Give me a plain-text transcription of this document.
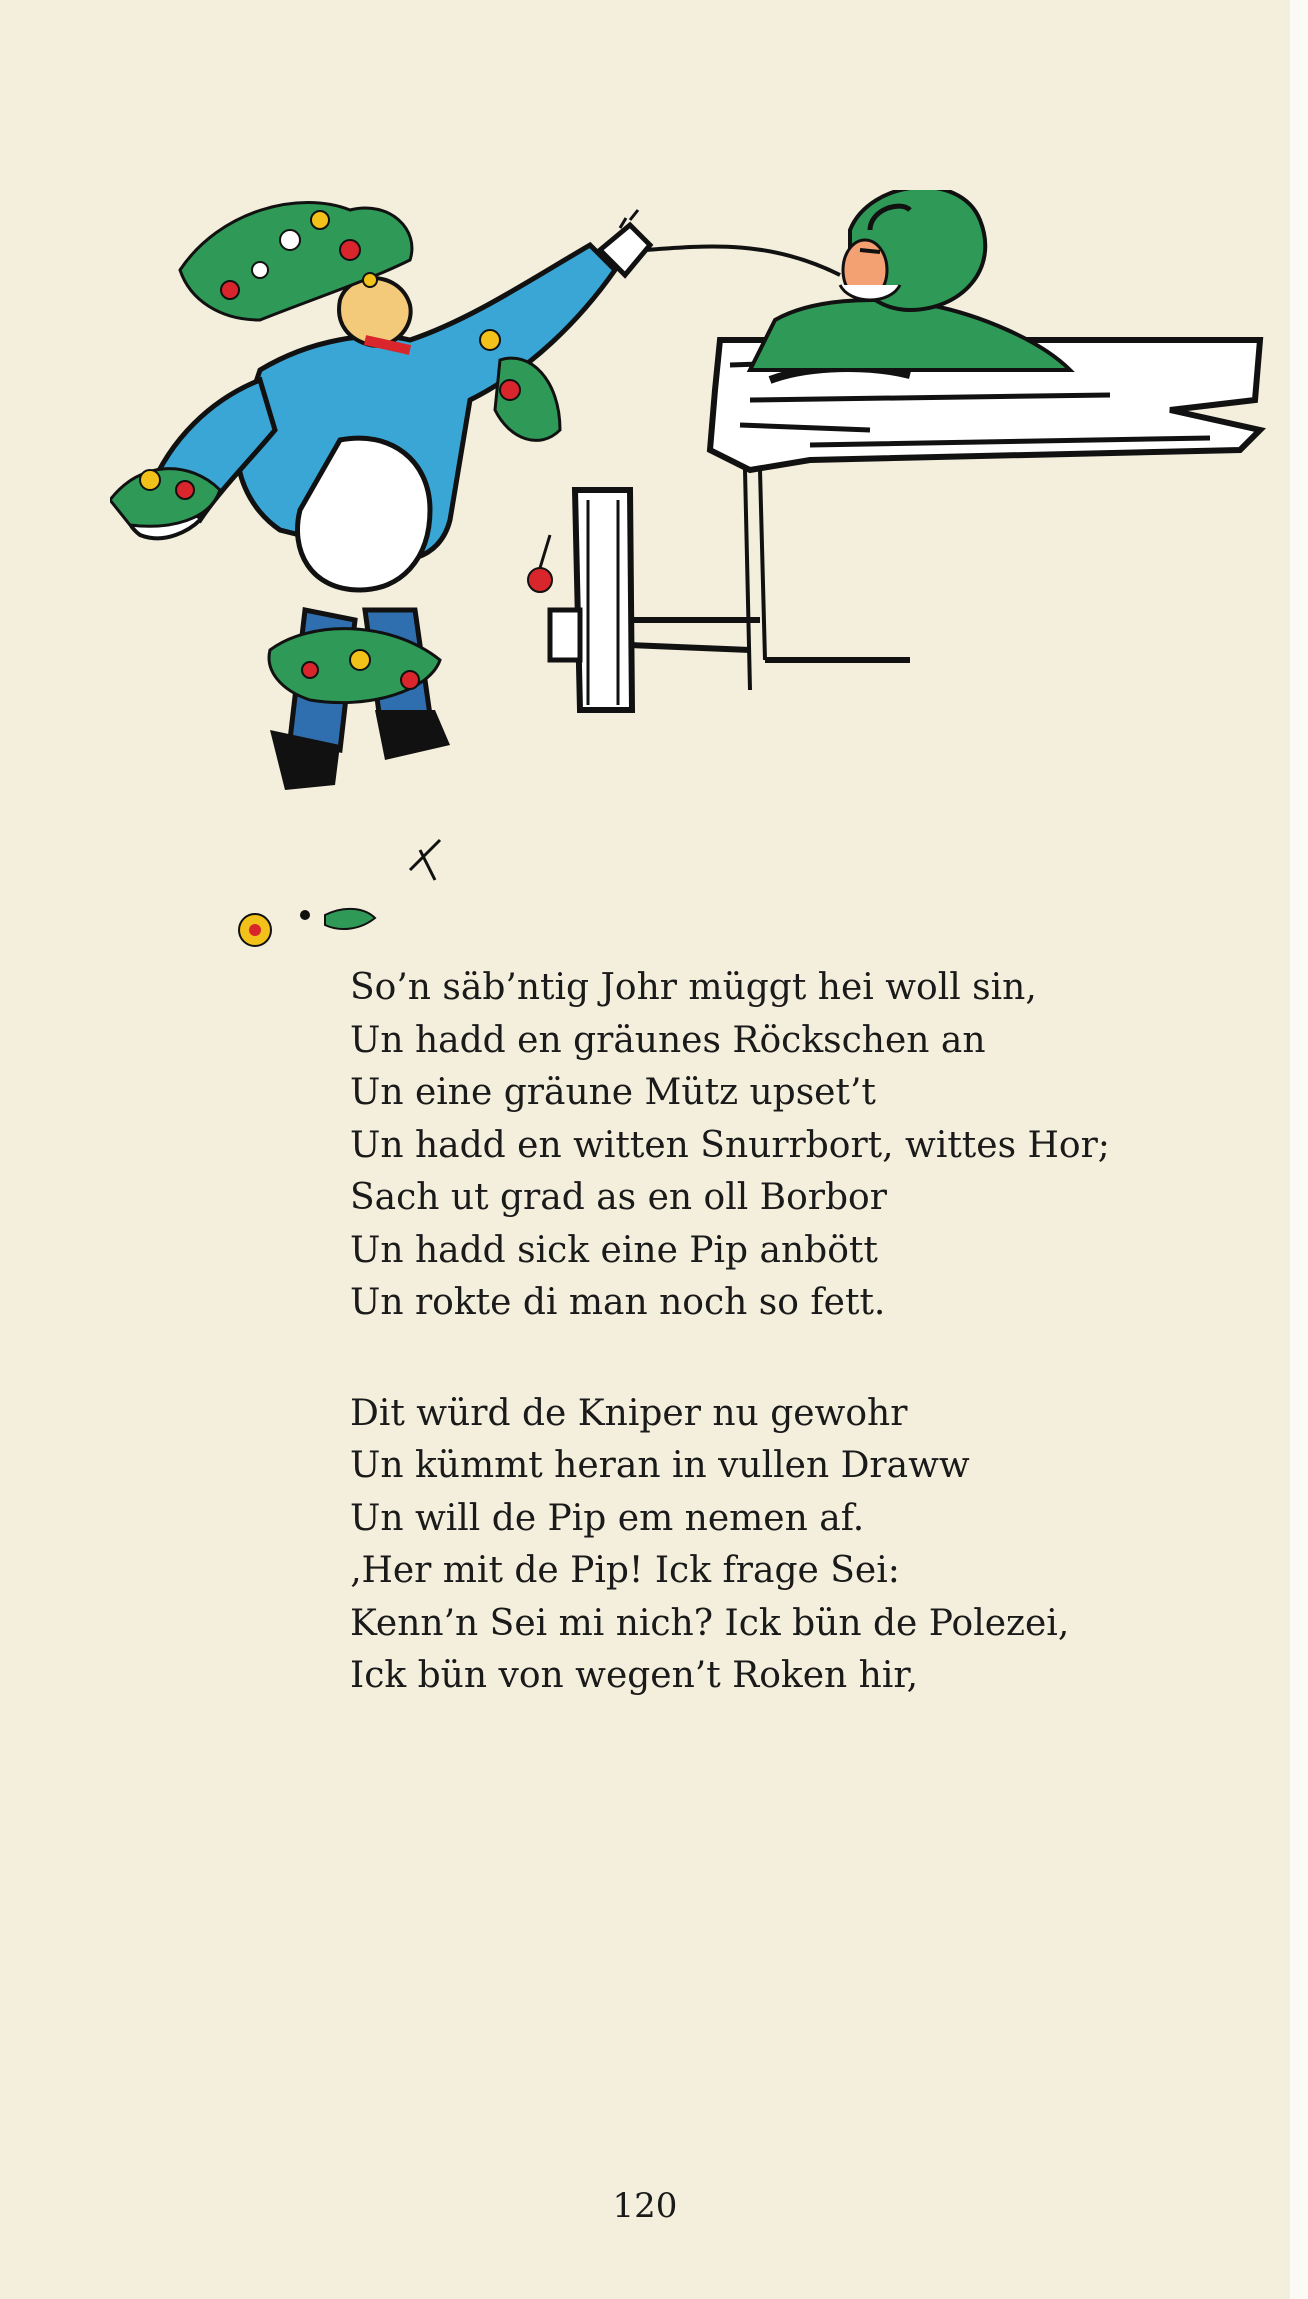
So’n säb’ntig Johr müggt hei woll sin,
Un hadd en gräunes Röckschen an
Un eine gräune Mütz upset’t
Un hadd en witten Snurrbort, wittes Hor;
Sach ut grad as en oll Borbor
Un hadd sick eine Pip anbött
Un rokte di man noch so fett.

Dit würd de Kniper nu gewohr
Un kümmt heran in vullen Draww
Un will de Pip em nemen af.
‚Her mit de Pip! Ick frage Sei:
Kenn’n Sei mi nich? Ick bün de Polezei,
Ick bün von wegen’t Roken hir,

120
